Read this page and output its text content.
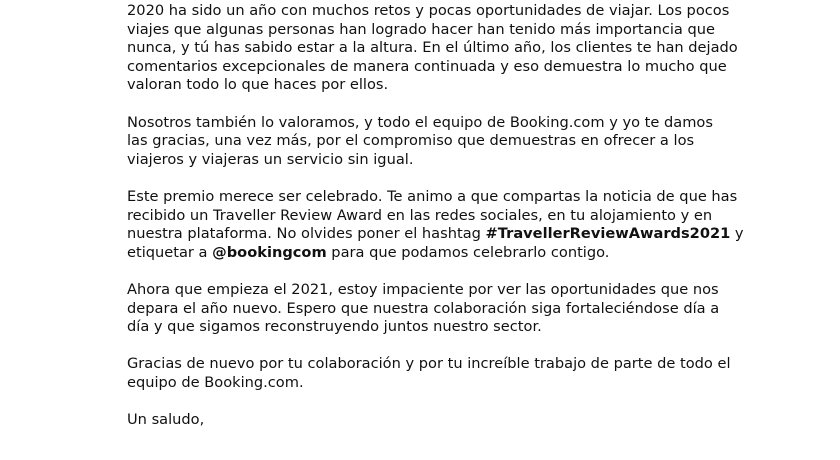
2020 ha sido un año con muchos retos y pocas oportunidades de viajar. Los pocos
viajes que algunas personas han logrado hacer han tenido más importancia que
nunca, y tú has sabido estar a la altura. En el último año, los clientes te han dejado
comentarios excepcionales de manera continuada y eso demuestra lo mucho que
valoran todo lo que haces por ellos.

Nosotros también lo valoramos, y todo el equipo de Booking.com y yo te damos
las gracias, una vez más, por el compromiso que demuestras en ofrecer a los
viajeros y viajeras un servicio sin igual.

Este premio merece ser celebrado. Te animo a que compartas la noticia de que has
recibido un Traveller Review Award en las redes sociales, en tu alojamiento y en
nuestra plataforma. No olvides poner el hashtag #TravellerReviewAwards2021 y
etiquetar a @bookingcom para que podamos celebrarlo contigo.

Ahora que empieza el 2021, estoy impaciente por ver las oportunidades que nos
depara el año nuevo. Espero que nuestra colaboración siga fortaleciéndose día a
día y que sigamos reconstruyendo juntos nuestro sector.

Gracias de nuevo por tu colaboración y por tu increíble trabajo de parte de todo el
equipo de Booking.com.

Un saludo,
